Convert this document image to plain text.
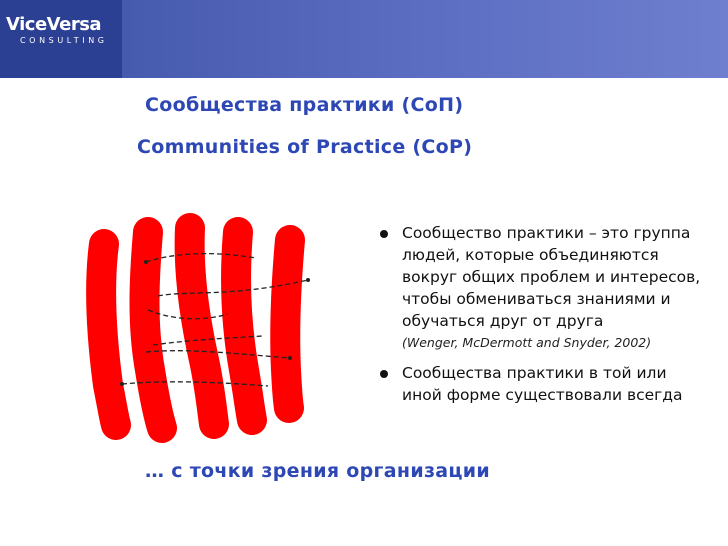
ViceVersa
CONSULTING
Сообщества практики (СоП)
Communities of Practice (CoP)
Сообщество практики – это группа людей, которые объединяются вокруг общих проблем и интересов, чтобы обмениваться знаниями и обучаться друг от друга
(Wenger, McDermott and Snyder, 2002)
Сообщества практики в той или иной форме существовали всегда
… с точки зрения организации
